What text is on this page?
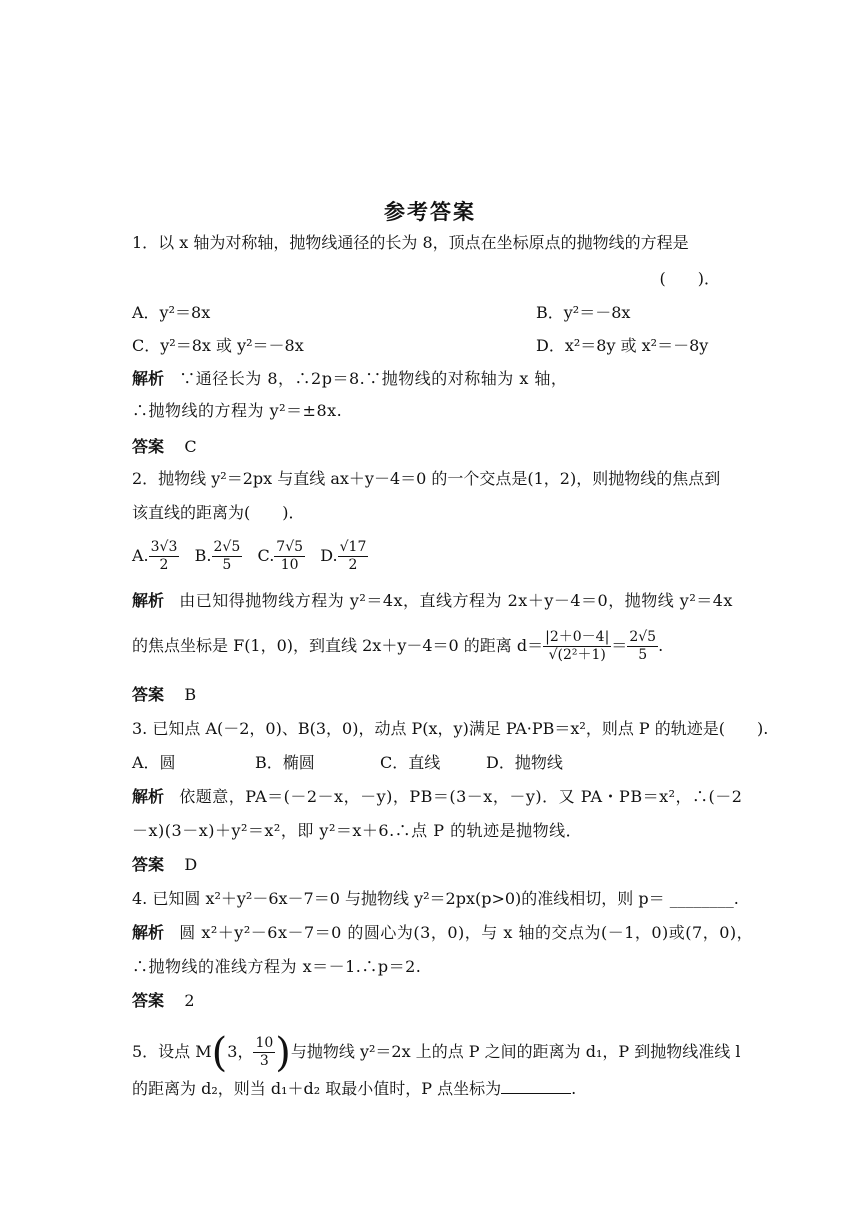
参考答案
1．以 x 轴为对称轴，抛物线通径的长为 8，顶点在坐标原点的抛物线的方程是
(　　)．
A．y²＝8x	B．y²＝－8x
C．y²＝8x 或 y²＝－8x	D．x²＝8y 或 x²＝－8y
解析 ∵通径长为 8，∴2p＝8.∵抛物线的对称轴为 x 轴，
∴抛物线的方程为 y²＝±8x.
答案 C
2．抛物线 y²＝2px 与直线 ax＋y－4＝0 的一个交点是(1，2)，则抛物线的焦点到
该直线的距离为(　　)．
A. $\frac{3√3}{2} B$. $\frac{2√5}{5} C$. $\frac{7√5}{10} D$. $\frac{√17}{2}$
解析 由已知得抛物线方程为 y²＝4x，直线方程为 2x＋y－4＝0，抛物线 y²＝4x
的焦点坐标是 F(1，0)，到直线 2x＋y－4＝0 的距离 $d= \frac{|2+0-4|}{\text{√(2²＋1)}} = \frac{2√5}{5}$ .
答案 B
3. 已知点 A(－2，0)、B(3，0)，动点 P(x，y)满足 PA·PB＝x²，则点 P 的轨迹是(　　).
A．圆	B．椭圆	C．直线	D．抛物线
解析 依题意，PA＝(－2－x，－y)，PB＝(3－x，－y)．又 PA・PB＝x²，∴(－2
－x)(3－x)＋y²＝x²，即 y²＝x＋6.∴点 P 的轨迹是抛物线．
答案 D
4. 已知圆 x²＋y²－6x－7＝0 与抛物线 y²＝2px(p>0)的准线相切，则 p＝ ________.
解析 圆 x²＋y²－6x－7＝0 的圆心为(3，0)，与 x 轴的交点为(－1，0)或(7，0)，
∴抛物线的准线方程为 x＝－1.∴p＝2.
答案 2
5．设点 M(3， $\frac{10}{3}$ )与抛物线 y²＝2x 上的点 P 之间的距离为 d₁，P 到抛物线准线 l
的距离为 d₂，则当 d₁＋d₂ 取最小值时，P 点坐标为	.
